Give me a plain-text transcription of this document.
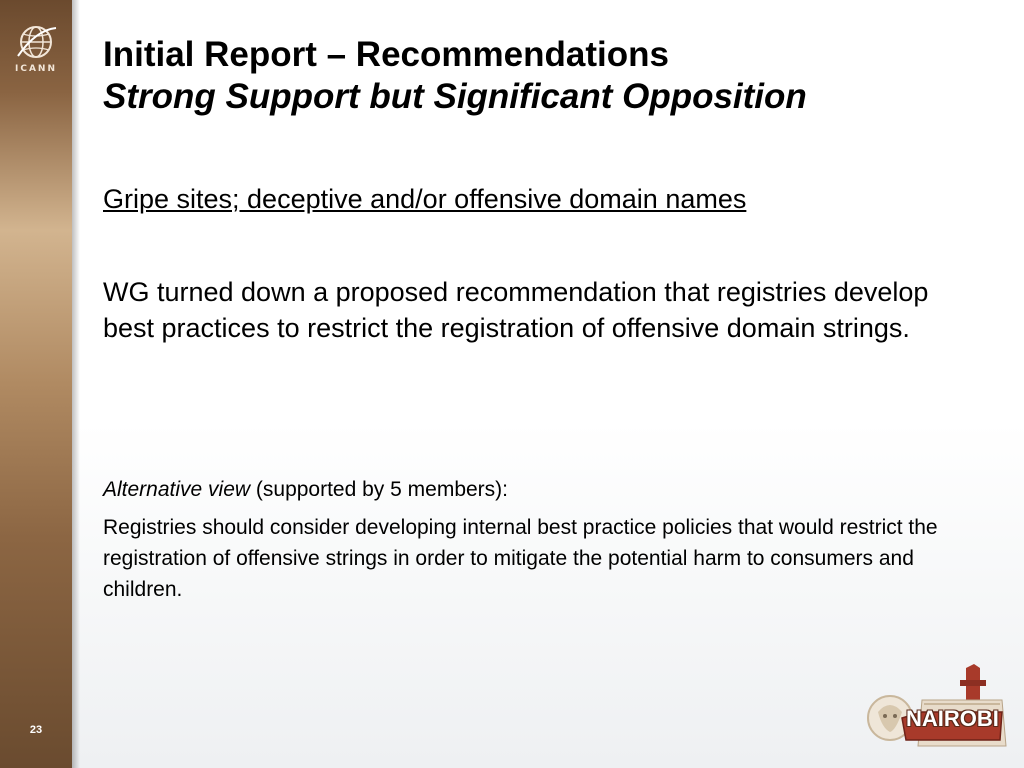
ICANN
23
Initial Report – Recommendations
Strong Support but Significant Opposition
Gripe sites; deceptive and/or offensive domain names
WG turned down a proposed recommendation that registries develop best practices to restrict the registration of offensive domain strings.
Alternative view (supported by 5 members):
Registries should consider developing internal best practice policies that would restrict the registration of offensive strings in order to mitigate the potential harm to consumers and children.
NAIROBI
